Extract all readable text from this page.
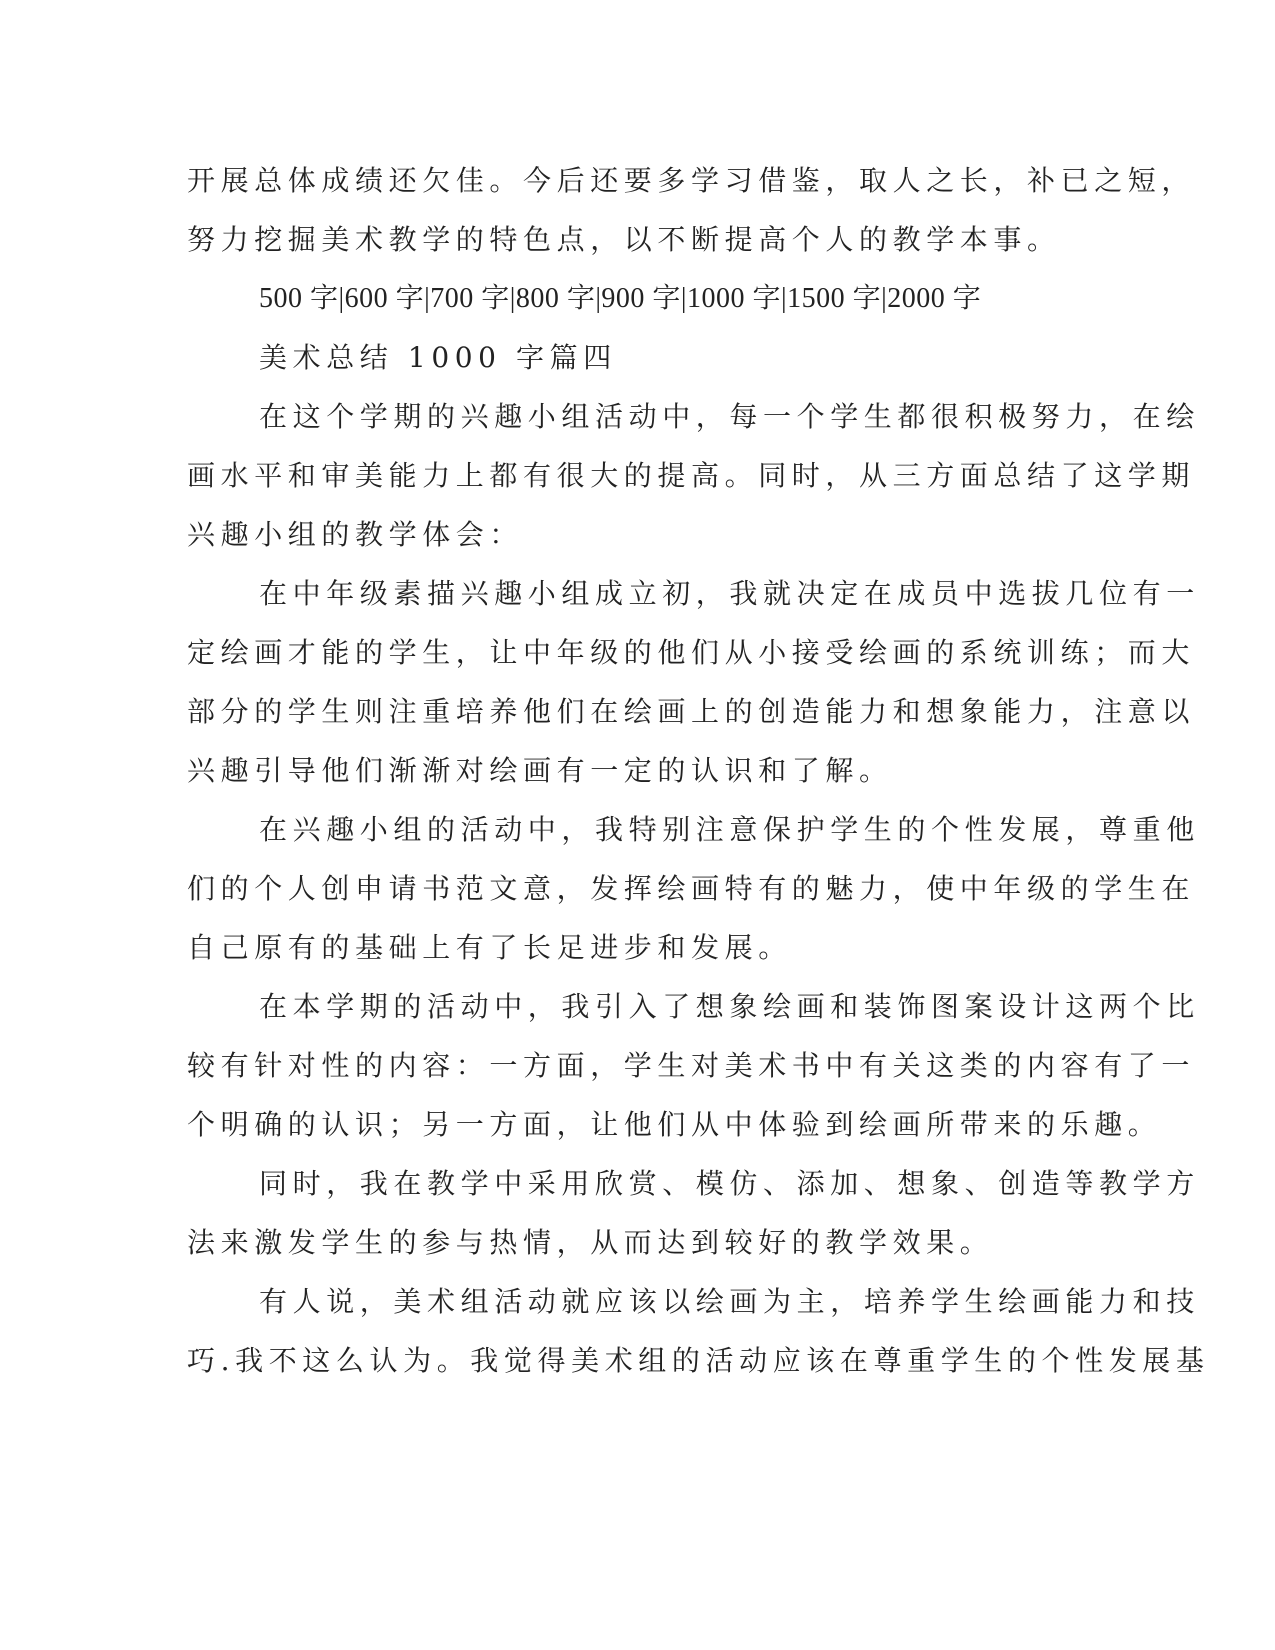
开展总体成绩还欠佳。今后还要多学习借鉴，取人之长，补已之短，
努力挖掘美术教学的特色点，以不断提高个人的教学本事。
500 字|600 字|700 字|800 字|900 字|1000 字|1500 字|2000 字
美术总结 1000 字篇四
在这个学期的兴趣小组活动中，每一个学生都很积极努力，在绘
画水平和审美能力上都有很大的提高。同时，从三方面总结了这学期
兴趣小组的教学体会：
在中年级素描兴趣小组成立初，我就决定在成员中选拔几位有一
定绘画才能的学生，让中年级的他们从小接受绘画的系统训练；而大
部分的学生则注重培养他们在绘画上的创造能力和想象能力，注意以
兴趣引导他们渐渐对绘画有一定的认识和了解。
在兴趣小组的活动中，我特别注意保护学生的个性发展，尊重他
们的个人创申请书范文意，发挥绘画特有的魅力，使中年级的学生在
自己原有的基础上有了长足进步和发展。
在本学期的活动中，我引入了想象绘画和装饰图案设计这两个比
较有针对性的内容：一方面，学生对美术书中有关这类的内容有了一
个明确的认识；另一方面，让他们从中体验到绘画所带来的乐趣。
同时，我在教学中采用欣赏、模仿、添加、想象、创造等教学方
法来激发学生的参与热情，从而达到较好的教学效果。
有人说，美术组活动就应该以绘画为主，培养学生绘画能力和技
巧.我不这么认为。我觉得美术组的活动应该在尊重学生的个性发展基
